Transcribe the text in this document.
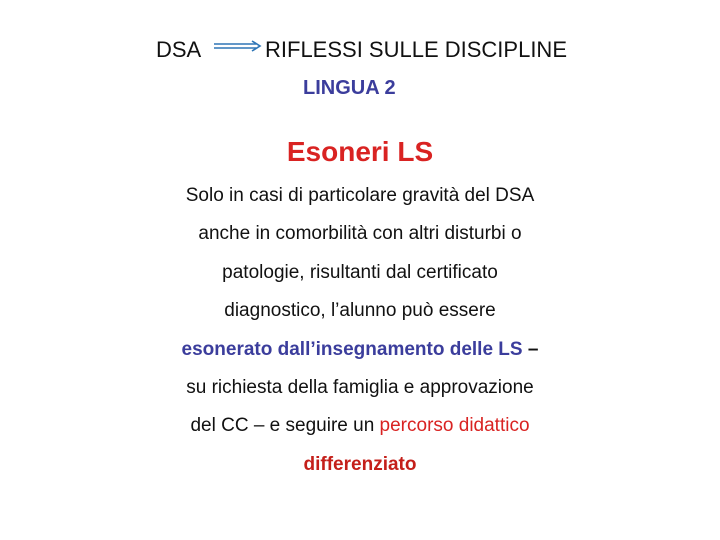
DSA	RIFLESSI SULLE DISCIPLINE
LINGUA 2
Esoneri LS
Solo in casi di particolare gravità del DSA
anche in comorbilità con altri disturbi o
patologie, risultanti dal certificato
diagnostico, l’alunno può essere
esonerato dall’insegnamento delle LS –
su richiesta della famiglia e approvazione
del CC – e seguire un percorso didattico
differenziato
